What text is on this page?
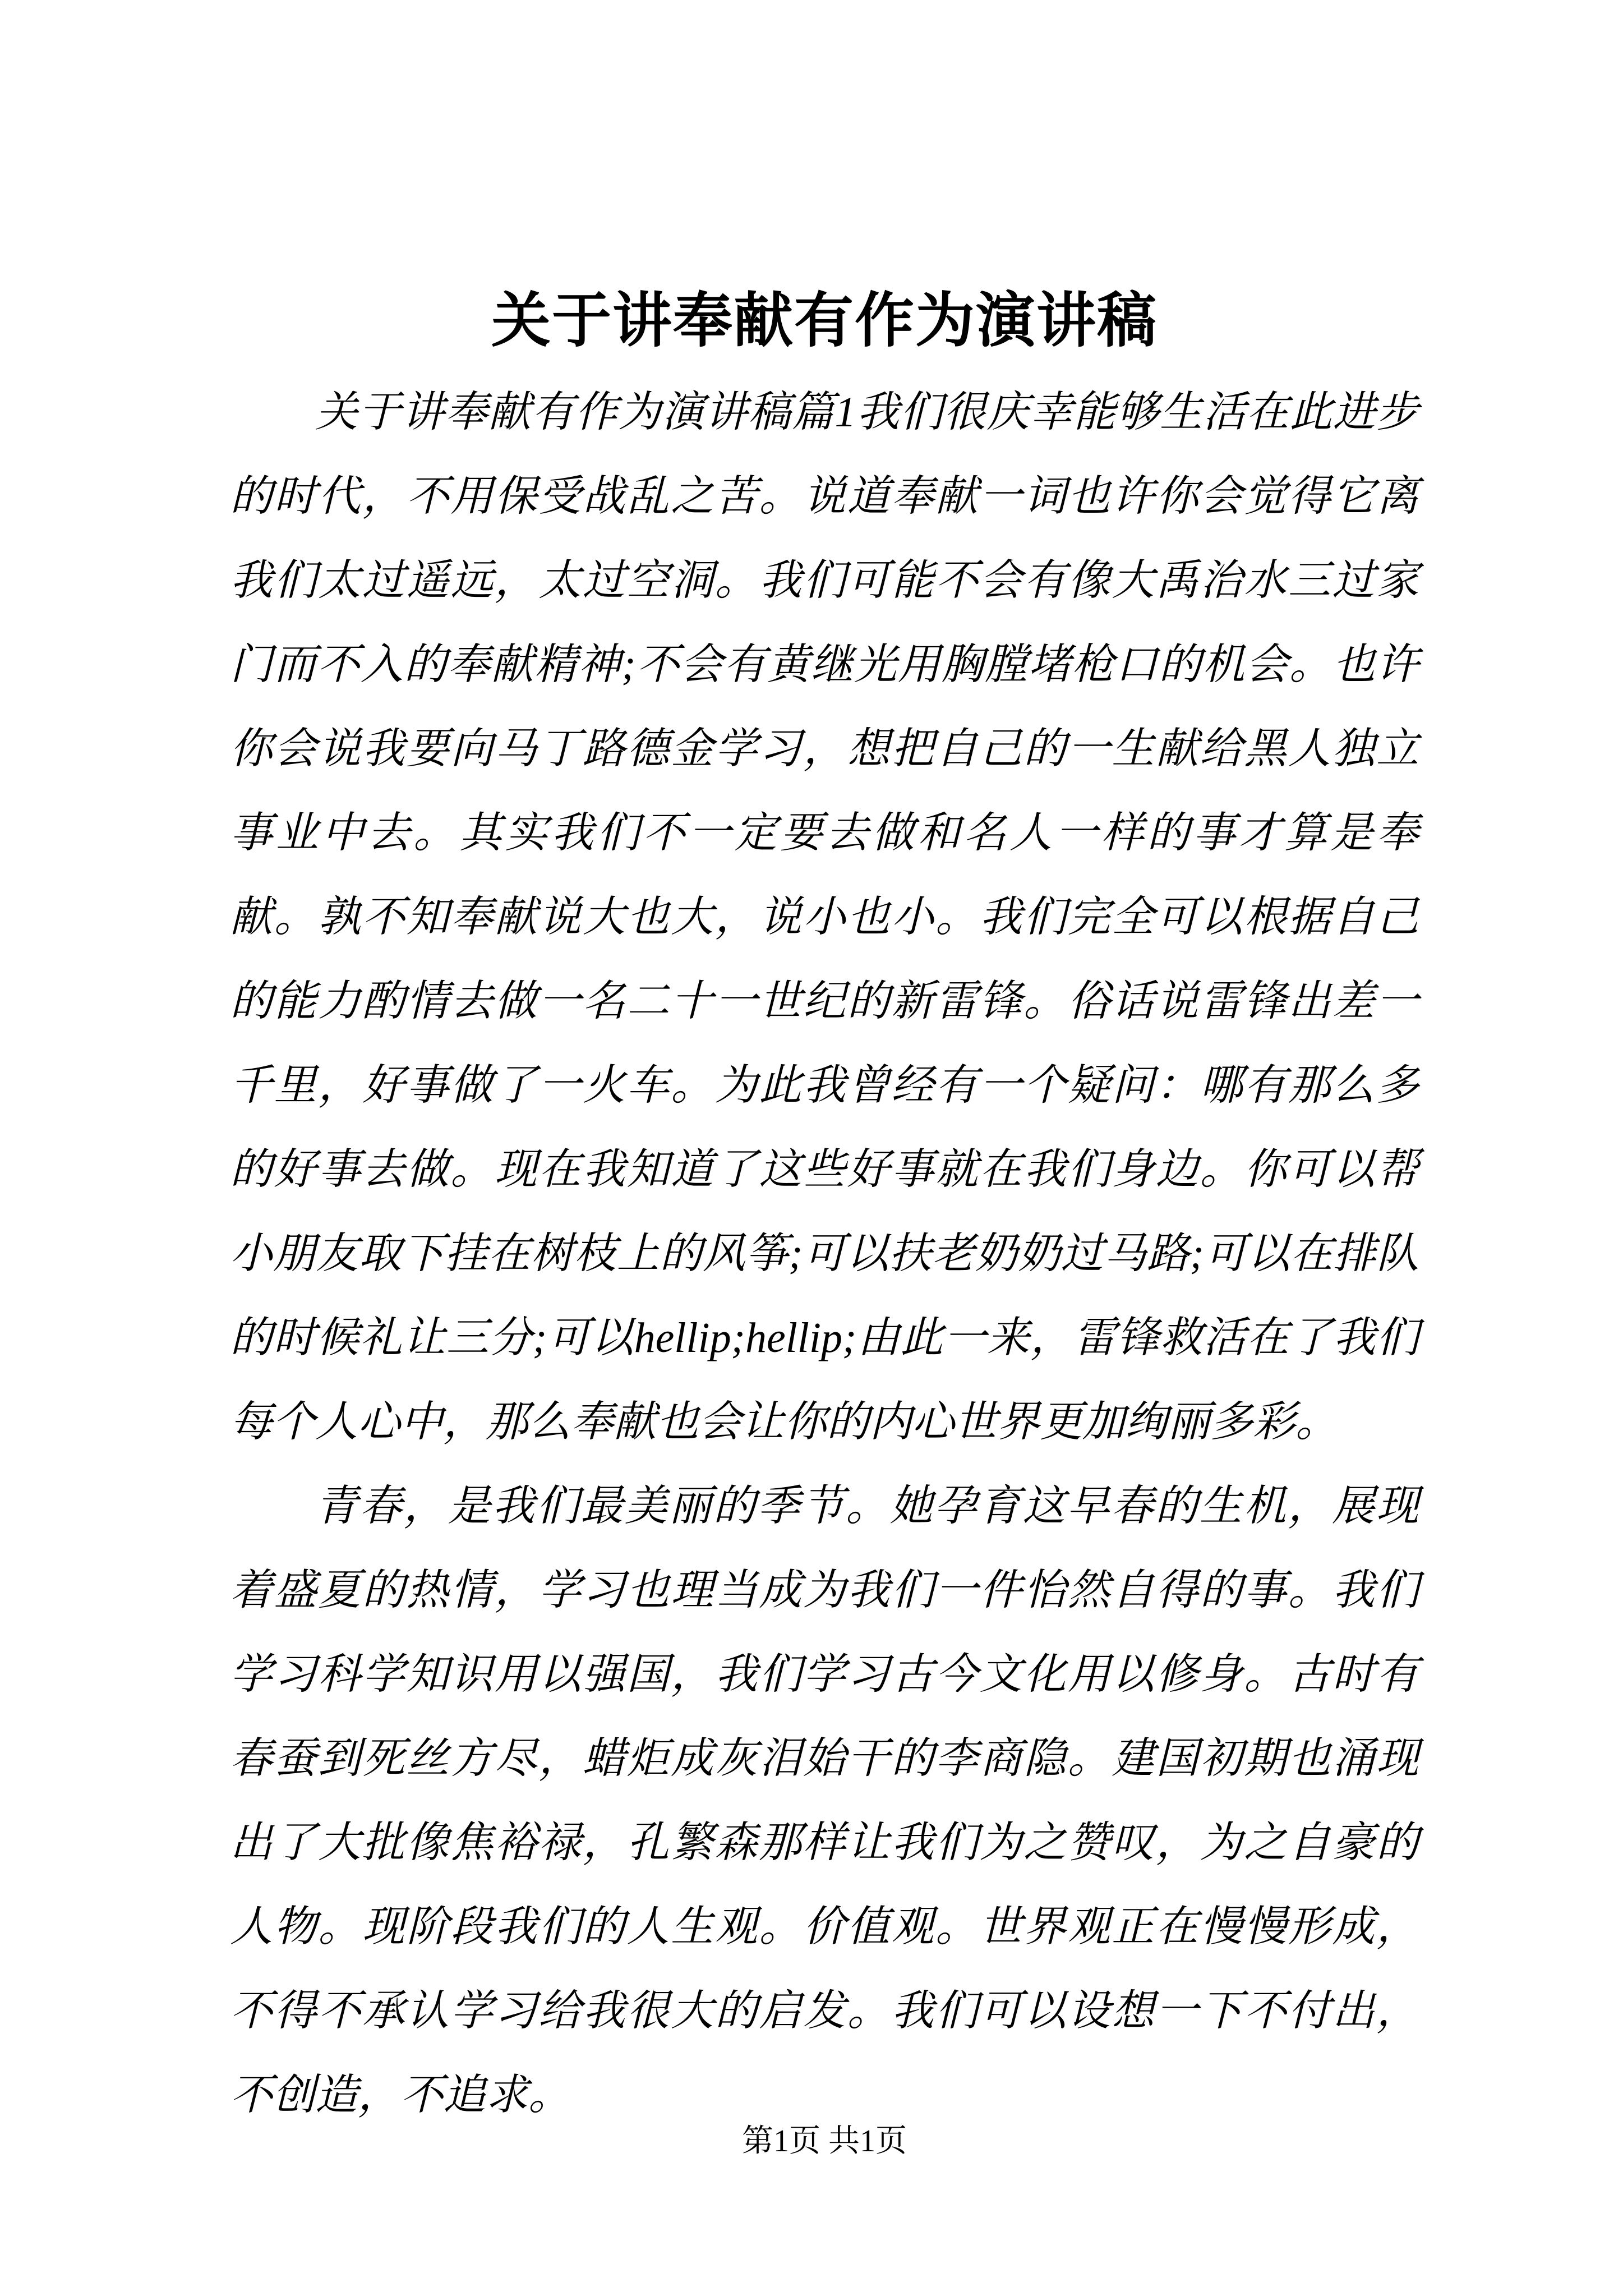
关于讲奉献有作为演讲稿

关于讲奉献有作为演讲稿篇1我们很庆幸能够生活在此进步的时代，不用保受战乱之苦。说道奉献一词也许你会觉得它离我们太过遥远，太过空洞。我们可能不会有像大禹治水三过家门而不入的奉献精神;不会有黄继光用胸膛堵枪口的机会。也许你会说我要向马丁路德金学习，想把自己的一生献给黑人独立事业中去。其实我们不一定要去做和名人一样的事才算是奉献。孰不知奉献说大也大，说小也小。我们完全可以根据自己的能力酌情去做一名二十一世纪的新雷锋。俗话说雷锋出差一千里，好事做了一火车。为此我曾经有一个疑问：哪有那么多的好事去做。现在我知道了这些好事就在我们身边。你可以帮小朋友取下挂在树枝上的风筝;可以扶老奶奶过马路;可以在排队的时候礼让三分;可以hellip;hellip;由此一来，雷锋救活在了我们每个人心中，那么奉献也会让你的内心世界更加绚丽多彩。

青春，是我们最美丽的季节。她孕育这早春的生机，展现着盛夏的热情，学习也理当成为我们一件怡然自得的事。我们学习科学知识用以强国，我们学习古今文化用以修身。古时有春蚕到死丝方尽，蜡炬成灰泪始干的李商隐。建国初期也涌现出了大批像焦裕禄，孔繁森那样让我们为之赞叹，为之自豪的人物。现阶段我们的人生观。价值观。世界观正在慢慢形成，不得不承认学习给我很大的启发。我们可以设想一下不付出，不创造，不追求。

第1页 共1页
